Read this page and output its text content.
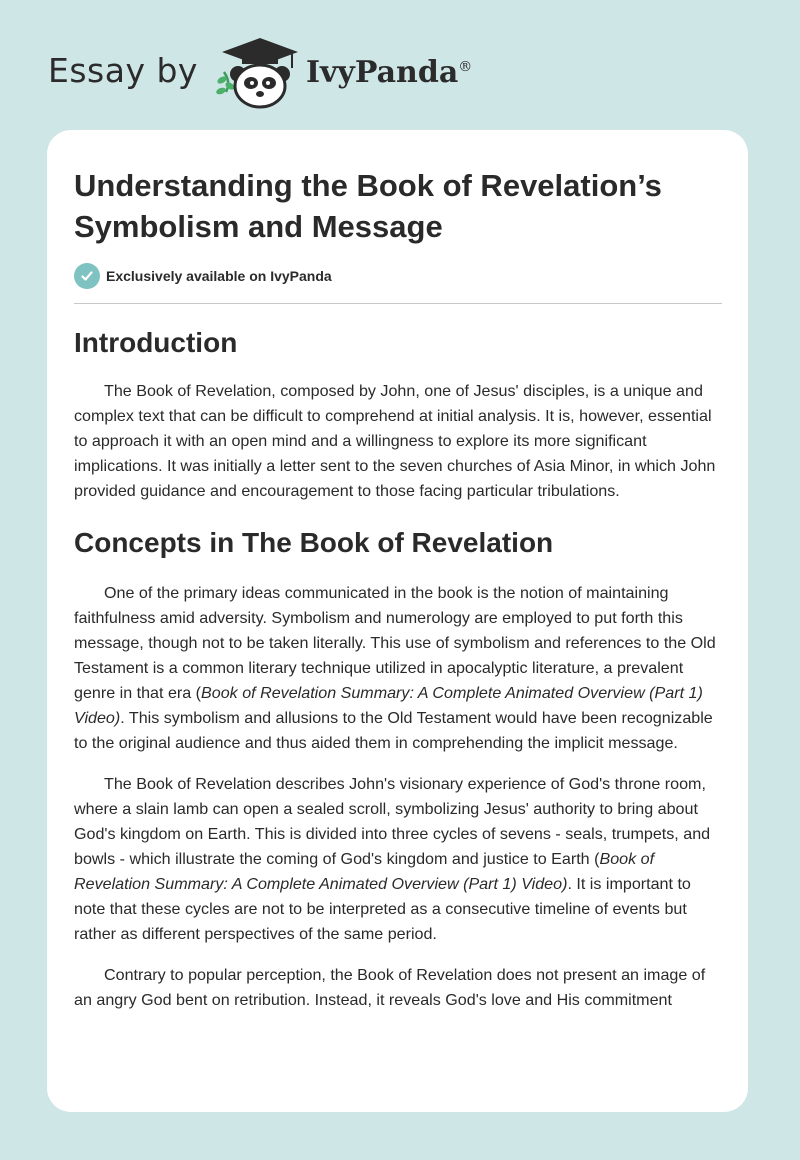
Essay by	IvyPanda®
Understanding the Book of Revelation’s Symbolism and Message
Exclusively available on IvyPanda
Introduction

The Book of Revelation, composed by John, one of Jesus' disciples, is a unique and complex text that can be difficult to comprehend at initial analysis. It is, however, essential to approach it with an open mind and a willingness to explore its more significant implications. It was initially a letter sent to the seven churches of Asia Minor, in which John provided guidance and encouragement to those facing particular tribulations.

Concepts in The Book of Revelation

One of the primary ideas communicated in the book is the notion of maintaining faithfulness amid adversity. Symbolism and numerology are employed to put forth this message, though not to be taken literally. This use of symbolism and references to the Old Testament is a common literary technique utilized in apocalyptic literature, a prevalent genre in that era (Book of Revelation Summary: A Complete Animated Overview (Part 1) Video). This symbolism and allusions to the Old Testament would have been recognizable to the original audience and thus aided them in comprehending the implicit message.

The Book of Revelation describes John's visionary experience of God's throne room, where a slain lamb can open a sealed scroll, symbolizing Jesus' authority to bring about God's kingdom on Earth. This is divided into three cycles of sevens - seals, trumpets, and bowls - which illustrate the coming of God's kingdom and justice to Earth (Book of Revelation Summary: A Complete Animated Overview (Part 1) Video). It is important to note that these cycles are not to be interpreted as a consecutive timeline of events but rather as different perspectives of the same period.

Contrary to popular perception, the Book of Revelation does not present an image of an angry God bent on retribution. Instead, it reveals God's love and His commitment
